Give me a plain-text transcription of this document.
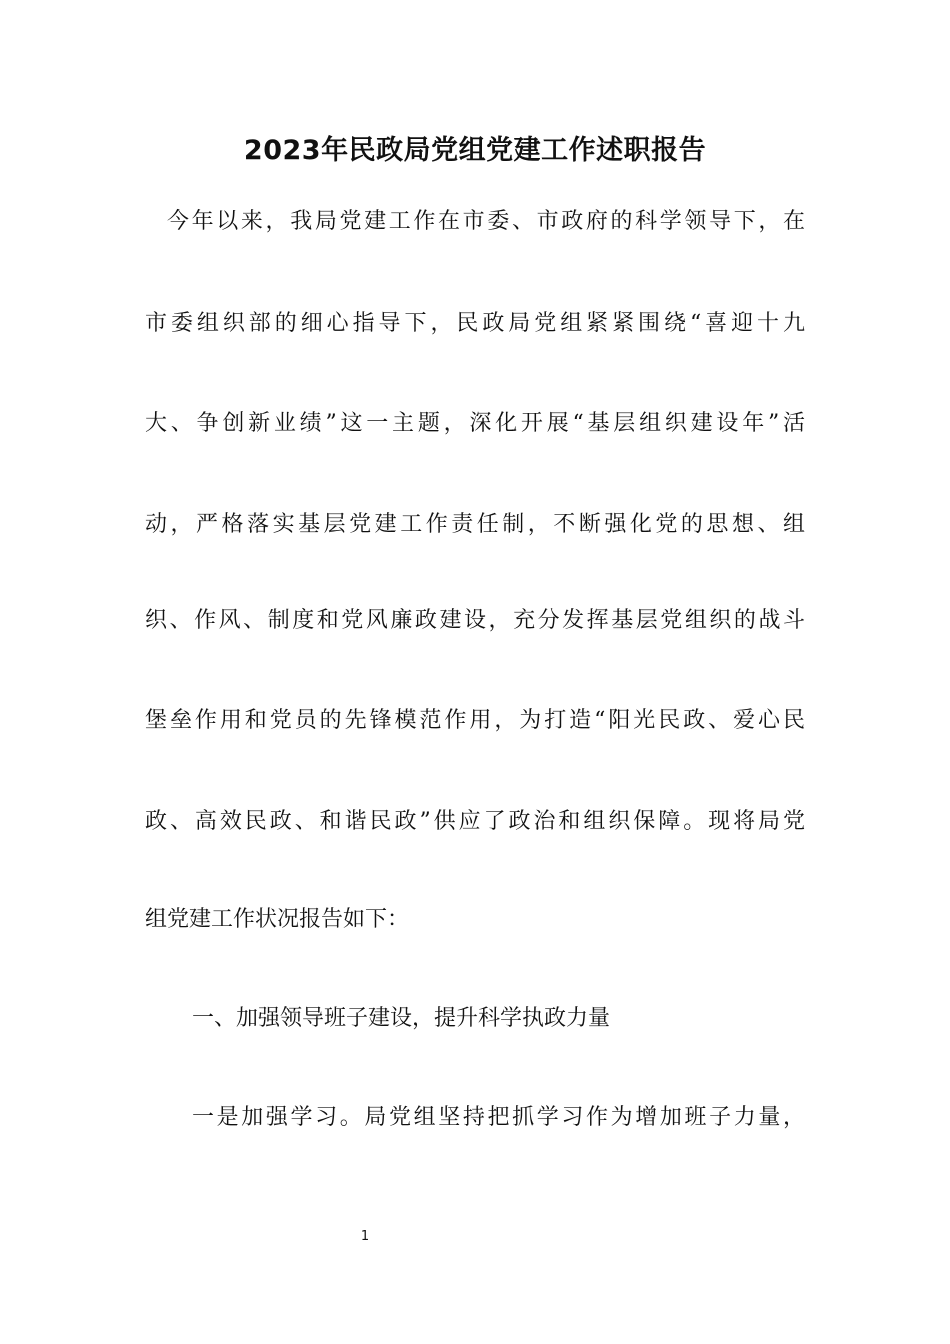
2023年民政局党组党建工作述职报告
今年以来，我局党建工作在市委、市政府的科学领导下，在
市委组织部的细心指导下，民政局党组紧紧围绕“喜迎十九
大、争创新业绩”这一主题，深化开展“基层组织建设年”活
动，严格落实基层党建工作责任制，不断强化党的思想、组
织、作风、制度和党风廉政建设，充分发挥基层党组织的战斗
堡垒作用和党员的先锋模范作用，为打造“阳光民政、爱心民
政、高效民政、和谐民政”供应了政治和组织保障。现将局党
组党建工作状况报告如下：
一、加强领导班子建设，提升科学执政力量
一是加强学习。局党组坚持把抓学习作为增加班子力量，
1
